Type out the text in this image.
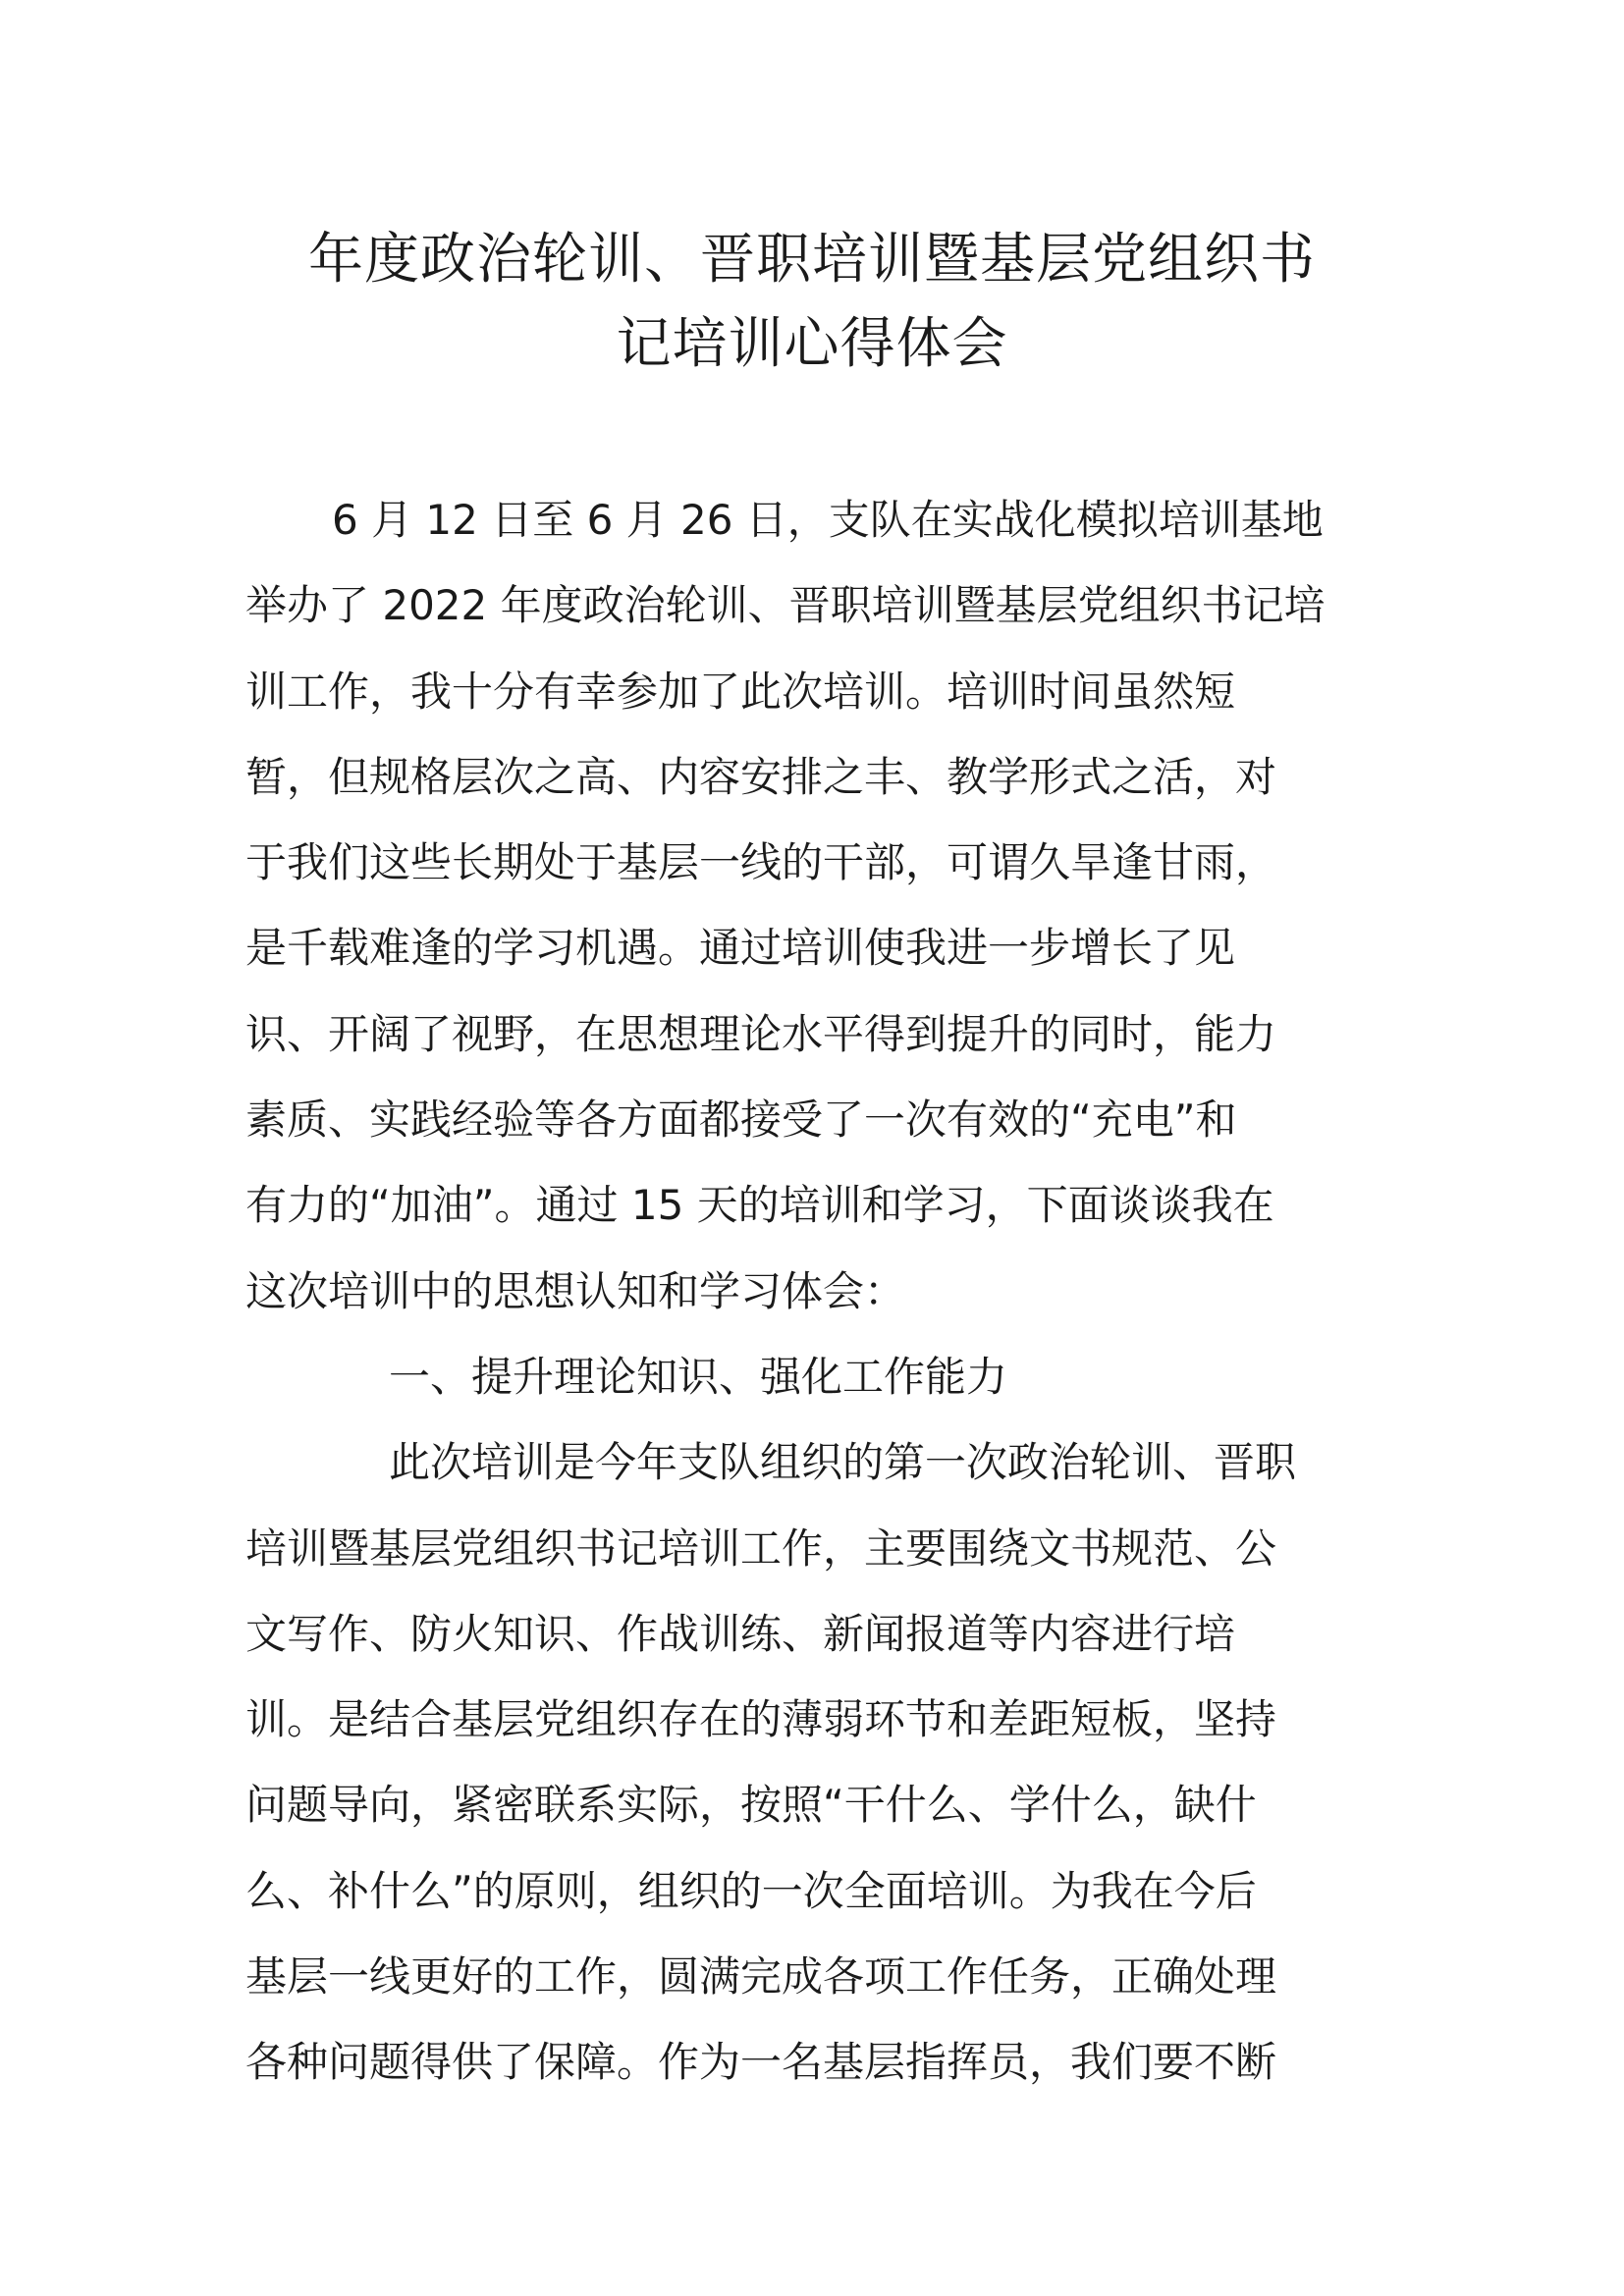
年度政治轮训、晋职培训暨基层党组织书
记培训心得体会
6 月 12 日至 6 月 26 日，支队在实战化模拟培训基地
举办了 2022 年度政治轮训、晋职培训暨基层党组织书记培
训工作，我十分有幸参加了此次培训。培训时间虽然短
暂，但规格层次之高、内容安排之丰、教学形式之活，对
于我们这些长期处于基层一线的干部，可谓久旱逢甘雨，
是千载难逢的学习机遇。通过培训使我进一步增长了见
识、开阔了视野，在思想理论水平得到提升的同时，能力
素质、实践经验等各方面都接受了一次有效的“充电”和
有力的“加油”。通过 15 天的培训和学习，下面谈谈我在
这次培训中的思想认知和学习体会：
一、提升理论知识、强化工作能力
此次培训是今年支队组织的第一次政治轮训、晋职
培训暨基层党组织书记培训工作，主要围绕文书规范、公
文写作、防火知识、作战训练、新闻报道等内容进行培
训。是结合基层党组织存在的薄弱环节和差距短板，坚持
问题导向，紧密联系实际，按照“干什么、学什么，缺什
么、补什么”的原则，组织的一次全面培训。为我在今后
基层一线更好的工作，圆满完成各项工作任务，正确处理
各种问题得供了保障。作为一名基层指挥员，我们要不断
